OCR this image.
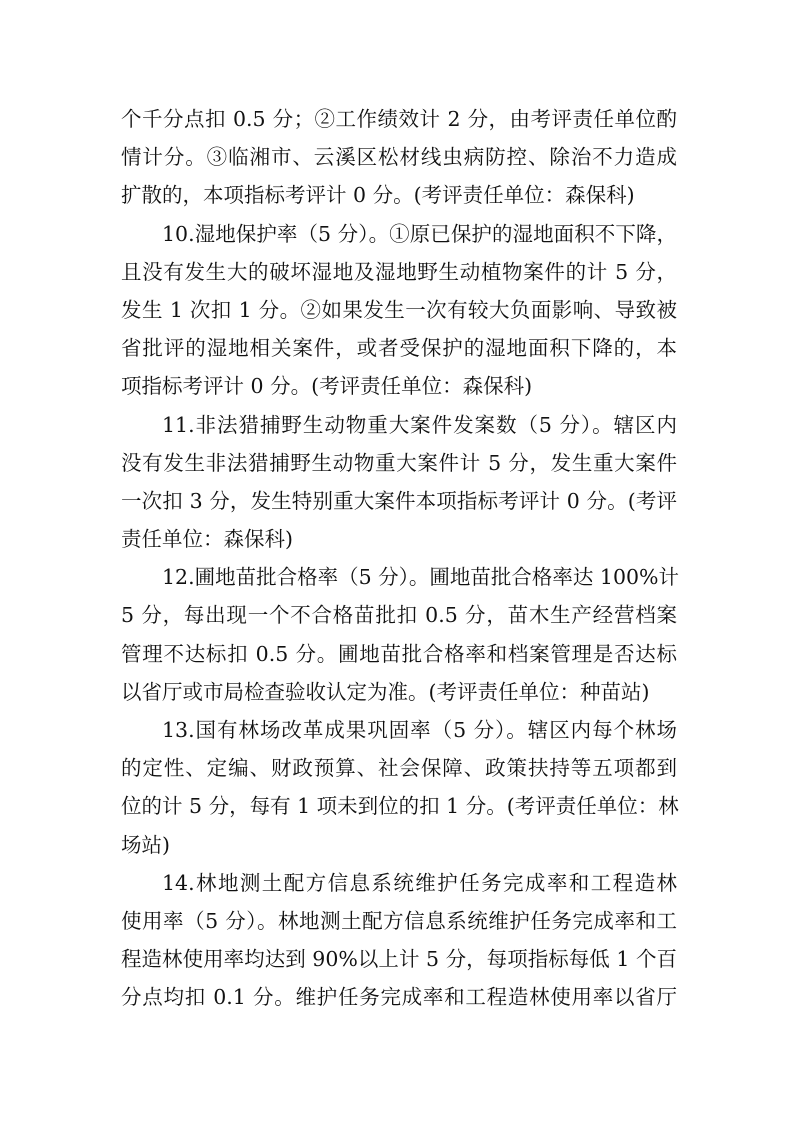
个千分点扣 0.5 分；②工作绩效计 2 分，由考评责任单位酌
情计分。③临湘市、云溪区松材线虫病防控、除治不力造成
扩散的，本项指标考评计 0 分。(考评责任单位：森保科)
10.湿地保护率（5 分）。①原已保护的湿地面积不下降，
且没有发生大的破坏湿地及湿地野生动植物案件的计 5 分，
发生 1 次扣 1 分。②如果发生一次有较大负面影响、导致被
省批评的湿地相关案件，或者受保护的湿地面积下降的，本
项指标考评计 0 分。(考评责任单位：森保科)
11.非法猎捕野生动物重大案件发案数（5 分）。辖区内
没有发生非法猎捕野生动物重大案件计 5 分，发生重大案件
一次扣 3 分，发生特别重大案件本项指标考评计 0 分。(考评
责任单位：森保科)
12.圃地苗批合格率（5 分）。圃地苗批合格率达 100%计
5 分，每出现一个不合格苗批扣 0.5 分，苗木生产经营档案
管理不达标扣 0.5 分。圃地苗批合格率和档案管理是否达标
以省厅或市局检查验收认定为准。(考评责任单位：种苗站)
13.国有林场改革成果巩固率（5 分）。辖区内每个林场
的定性、定编、财政预算、社会保障、政策扶持等五项都到
位的计 5 分，每有 1 项未到位的扣 1 分。(考评责任单位：林
场站)
14.林地测土配方信息系统维护任务完成率和工程造林
使用率（5 分）。林地测土配方信息系统维护任务完成率和工
程造林使用率均达到 90%以上计 5 分，每项指标每低 1 个百
分点均扣 0.1 分。维护任务完成率和工程造林使用率以省厅
